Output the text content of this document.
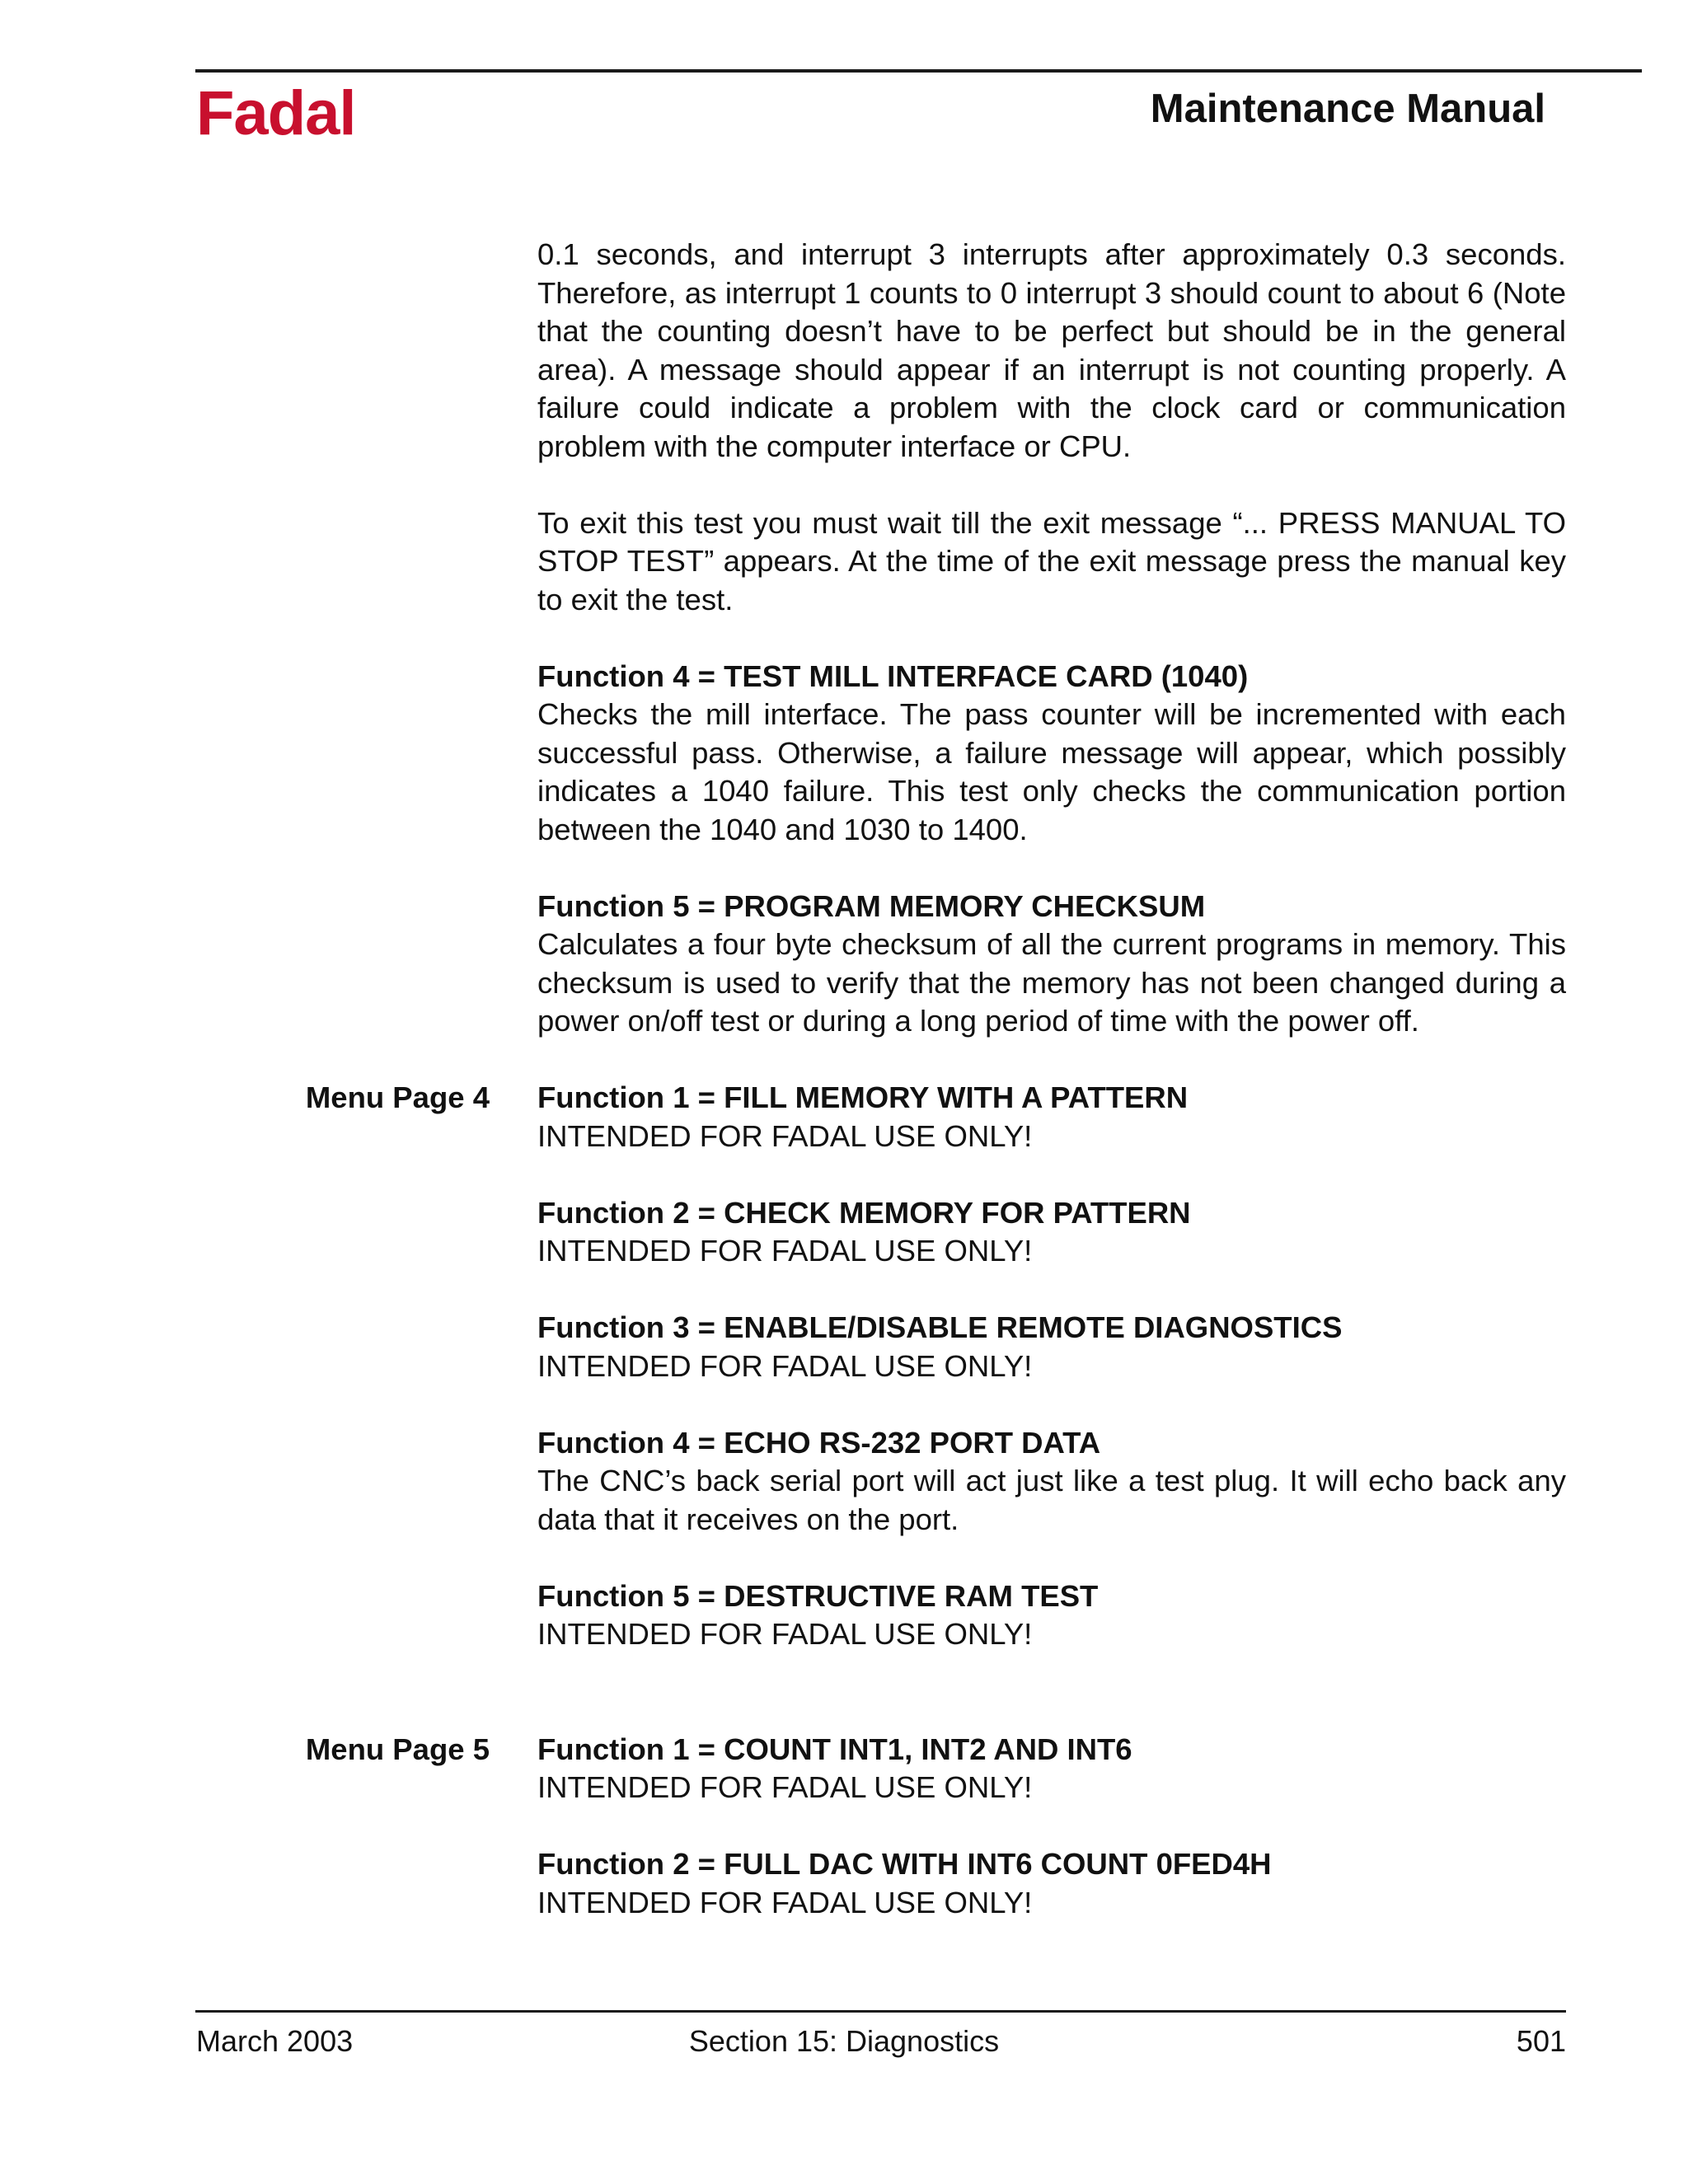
Fadal	Maintenance Manual

0.1 seconds, and interrupt 3 interrupts after approximately 0.3 seconds. Therefore, as interrupt 1 counts to 0 interrupt 3 should count to about 6 (Note that the counting doesn’t have to be perfect but should be in the general area). A message should appear if an interrupt is not counting properly. A failure could indicate a problem with the clock card or communication problem with the computer interface or CPU.

To exit this test you must wait till the exit message “... PRESS MANUAL TO STOP TEST” appears. At the time of the exit message press the manual key to exit the test.

Function 4 = TEST MILL INTERFACE CARD (1040)
Checks the mill interface. The pass counter will be incremented with each successful pass. Otherwise, a failure message will appear, which possibly indicates a 1040 failure. This test only checks the communication portion between the 1040 and 1030 to 1400.
Function 5 = PROGRAM MEMORY CHECKSUM
Calculates a four byte checksum of all the current programs in memory. This checksum is used to verify that the memory has not been changed during a power on/off test or during a long period of time with the power off.
Function 1 = FILL MEMORY WITH A PATTERN
INTENDED FOR FADAL USE ONLY!
Function 2 = CHECK MEMORY FOR PATTERN
INTENDED FOR FADAL USE ONLY!
Function 3 = ENABLE/DISABLE REMOTE DIAGNOSTICS
INTENDED FOR FADAL USE ONLY!
Function 4 = ECHO RS-232 PORT DATA
The CNC’s back serial port will act just like a test plug. It will echo back any data that it receives on the port.
Function 5 = DESTRUCTIVE RAM TEST
INTENDED FOR FADAL USE ONLY!
Function 1 = COUNT INT1, INT2 AND INT6
INTENDED FOR FADAL USE ONLY!
Function 2 = FULL DAC WITH INT6 COUNT 0FED4H
INTENDED FOR FADAL USE ONLY!
Menu Page 4
Menu Page 5
March 2003	Section 15: Diagnostics	501
